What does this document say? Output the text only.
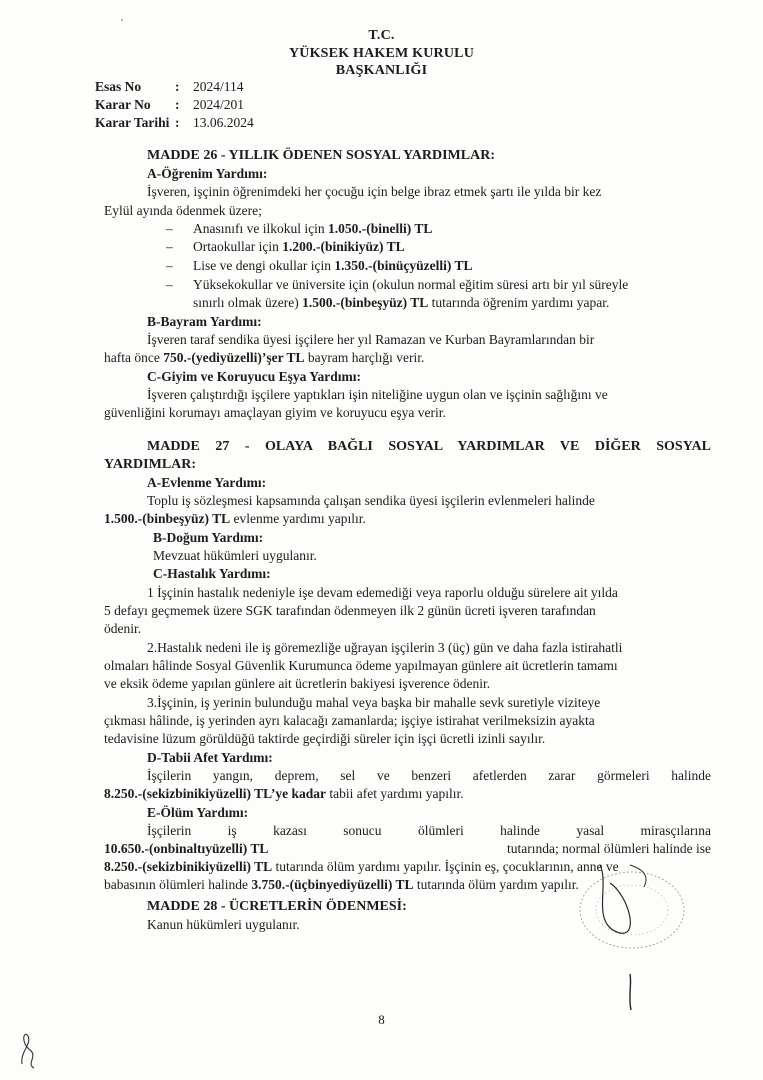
T.C.
YÜKSEK HAKEM KURULU
BAŞKANLIĞI
Esas No	:	2024/114
Karar No	:	2024/201
Karar Tarihi :	13.06.2024
MADDE 26 - YILLIK ÖDENEN SOSYAL YARDIMLAR:
A-Öğrenim Yardımı:
İşveren, işçinin öğrenimdeki her çocuğu için belge ibraz etmek şartı ile yılda bir kez
Eylül ayında ödenmek üzere;
– Anasınıfı ve ilkokul için 1.050.-(binelli) TL
– Ortaokullar için 1.200.-(binikiyüz) TL
– Lise ve dengi okullar için 1.350.-(binüçyüzelli) TL
– Yüksekokullar ve üniversite için (okulun normal eğitim süresi artı bir yıl süreyle
sınırlı olmak üzere) 1.500.-(binbeşyüz) TL tutarında öğrenim yardımı yapar.
B-Bayram Yardımı:
İşveren taraf sendika üyesi işçilere her yıl Ramazan ve Kurban Bayramlarından bir
hafta önce 750.-(yediyüzelli)’şer TL bayram harçlığı verir.
C-Giyim ve Koruyucu Eşya Yardımı:
İşveren çalıştırdığı işçilere yaptıkları işin niteliğine uygun olan ve işçinin sağlığını ve
güvenliğini korumayı amaçlayan giyim ve koruyucu eşya verir.
MADDE 27 - OLAYA BAĞLI SOSYAL YARDIMLAR VE DİĞER SOSYAL
YARDIMLAR:
A-Evlenme Yardımı:
Toplu iş sözleşmesi kapsamında çalışan sendika üyesi işçilerin evlenmeleri halinde
1.500.-(binbeşyüz) TL evlenme yardımı yapılır.
B-Doğum Yardımı:
Mevzuat hükümleri uygulanır.
C-Hastalık Yardımı:
1 İşçinin hastalık nedeniyle işe devam edemediği veya raporlu olduğu sürelere ait yılda
5 defayı geçmemek üzere SGK tarafından ödenmeyen ilk 2 günün ücreti işveren tarafından
ödenir.
2.Hastalık nedeni ile iş göremezliğe uğrayan işçilerin 3 (üç) gün ve daha fazla istirahatli
olmaları hâlinde Sosyal Güvenlik Kurumunca ödeme yapılmayan günlere ait ücretlerin tamamı
ve eksik ödeme yapılan günlere ait ücretlerin bakiyesi işverence ödenir.
3.İşçinin, iş yerinin bulunduğu mahal veya başka bir mahalle sevk suretiyle viziteye
çıkması hâlinde, iş yerinden ayrı kalacağı zamanlarda; işçiye istirahat verilmeksizin ayakta
tedavisine lüzum görüldüğü taktirde geçirdiği süreler için işçi ücretli izinli sayılır.
D-Tabii Afet Yardımı:
İşçilerin yangın, deprem, sel ve benzeri afetlerden zarar görmeleri halinde
8.250.-(sekizbinikiyüzelli) TL’ye kadar tabii afet yardımı yapılır.
E-Ölüm Yardımı:
İşçilerin iş kazası sonucu ölümleri halinde yasal mirasçılarına
10.650.-(onbinaltıyüzelli) TL	tutarında; normal ölümleri halinde ise
8.250.-(sekizbinikiyüzelli) TL tutarında ölüm yardımı yapılır. İşçinin eş, çocuklarının, anne ve
babasının ölümleri halinde 3.750.-(üçbinyediyüzelli) TL tutarında ölüm yardım yapılır.
MADDE 28 - ÜCRETLERİN ÖDENMESİ:
Kanun hükümleri uygulanır.
8
